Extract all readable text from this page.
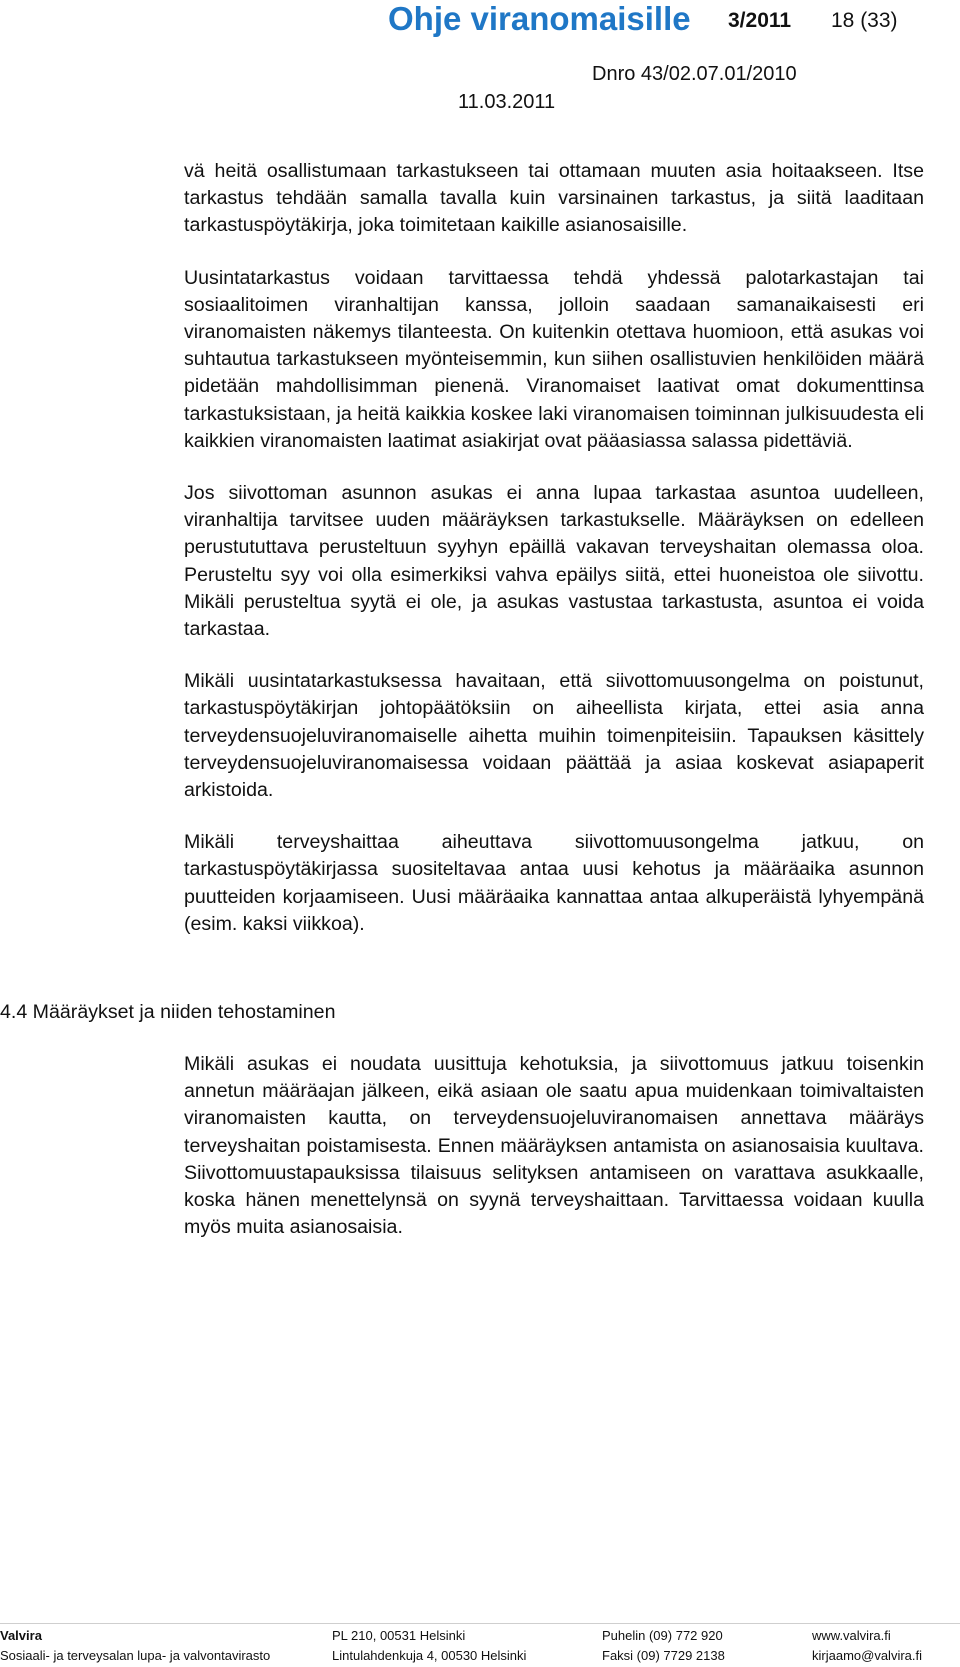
Ohje viranomaisille 3/2011 18 (33)
Dnro 43/02.07.01/2010
11.03.2011

vä heitä osallistumaan tarkastukseen tai ottamaan muuten asia hoitaakseen. Itse tarkastus tehdään samalla tavalla kuin varsinainen tarkastus, ja siitä laaditaan tarkastuspöytäkirja, joka toimitetaan kaikille asianosaisille.

Uusintatarkastus voidaan tarvittaessa tehdä yhdessä palotarkastajan tai sosiaalitoimen viranhaltijan kanssa, jolloin saadaan samanaikaisesti eri viranomaisten näkemys tilanteesta. On kuitenkin otettava huomioon, että asukas voi suhtautua tarkastukseen myönteisemmin, kun siihen osallistuvien henkilöiden määrä pidetään mahdollisimman pienenä. Viranomaiset laativat omat dokumenttinsa tarkastuksistaan, ja heitä kaikkia koskee laki viranomaisen toiminnan julkisuudesta eli kaikkien viranomaisten laatimat asiakirjat ovat pääasiassa salassa pidettäviä.

Jos siivottoman asunnon asukas ei anna lupaa tarkastaa asuntoa uudelleen, viranhaltija tarvitsee uuden määräyksen tarkastukselle. Määräyksen on edelleen perustututtava perusteltuun syyhyn epäillä vakavan terveyshaitan olemassa oloa. Perusteltu syy voi olla esimerkiksi vahva epäilys siitä, ettei huoneistoa ole siivottu. Mikäli perusteltua syytä ei ole, ja asukas vastustaa tarkastusta, asuntoa ei voida tarkastaa.

Mikäli uusintatarkastuksessa havaitaan, että siivottomuusongelma on poistunut, tarkastuspöytäkirjan johtopäätöksiin on aiheellista kirjata, ettei asia anna terveydensuojeluviranomaiselle aihetta muihin toimenpiteisiin. Tapauksen käsittely terveydensuojeluviranomaisessa voidaan päättää ja asiaa koskevat asiapaperit arkistoida.

Mikäli terveyshaittaa aiheuttava siivottomuusongelma jatkuu, on tarkastuspöytäkirjassa suositeltavaa antaa uusi kehotus ja määräaika asunnon puutteiden korjaamiseen. Uusi määräaika kannattaa antaa alkuperäistä lyhyempänä (esim. kaksi viikkoa).

4.4 Määräykset ja niiden tehostaminen

Mikäli asukas ei noudata uusittuja kehotuksia, ja siivottomuus jatkuu toisenkin annetun määräajan jälkeen, eikä asiaan ole saatu apua muidenkaan toimivaltaisten viranomaisten kautta, on terveydensuojeluviranomaisen annettava määräys terveyshaitan poistamisesta. Ennen määräyksen antamista on asianosaisia kuultava. Siivottomuustapauksissa tilaisuus selityksen antamiseen on varattava asukkaalle, koska hänen menettelynsä on syynä terveyshaittaan. Tarvittaessa voidaan kuulla myös muita asianosaisia.

Valvira
Sosiaali- ja terveysalan lupa- ja valvontavirasto
PL 210, 00531 Helsinki
Lintulahdenkuja 4, 00530 Helsinki
Puhelin (09) 772 920
Faksi (09) 7729 2138
www.valvira.fi
kirjaamo@valvira.fi
